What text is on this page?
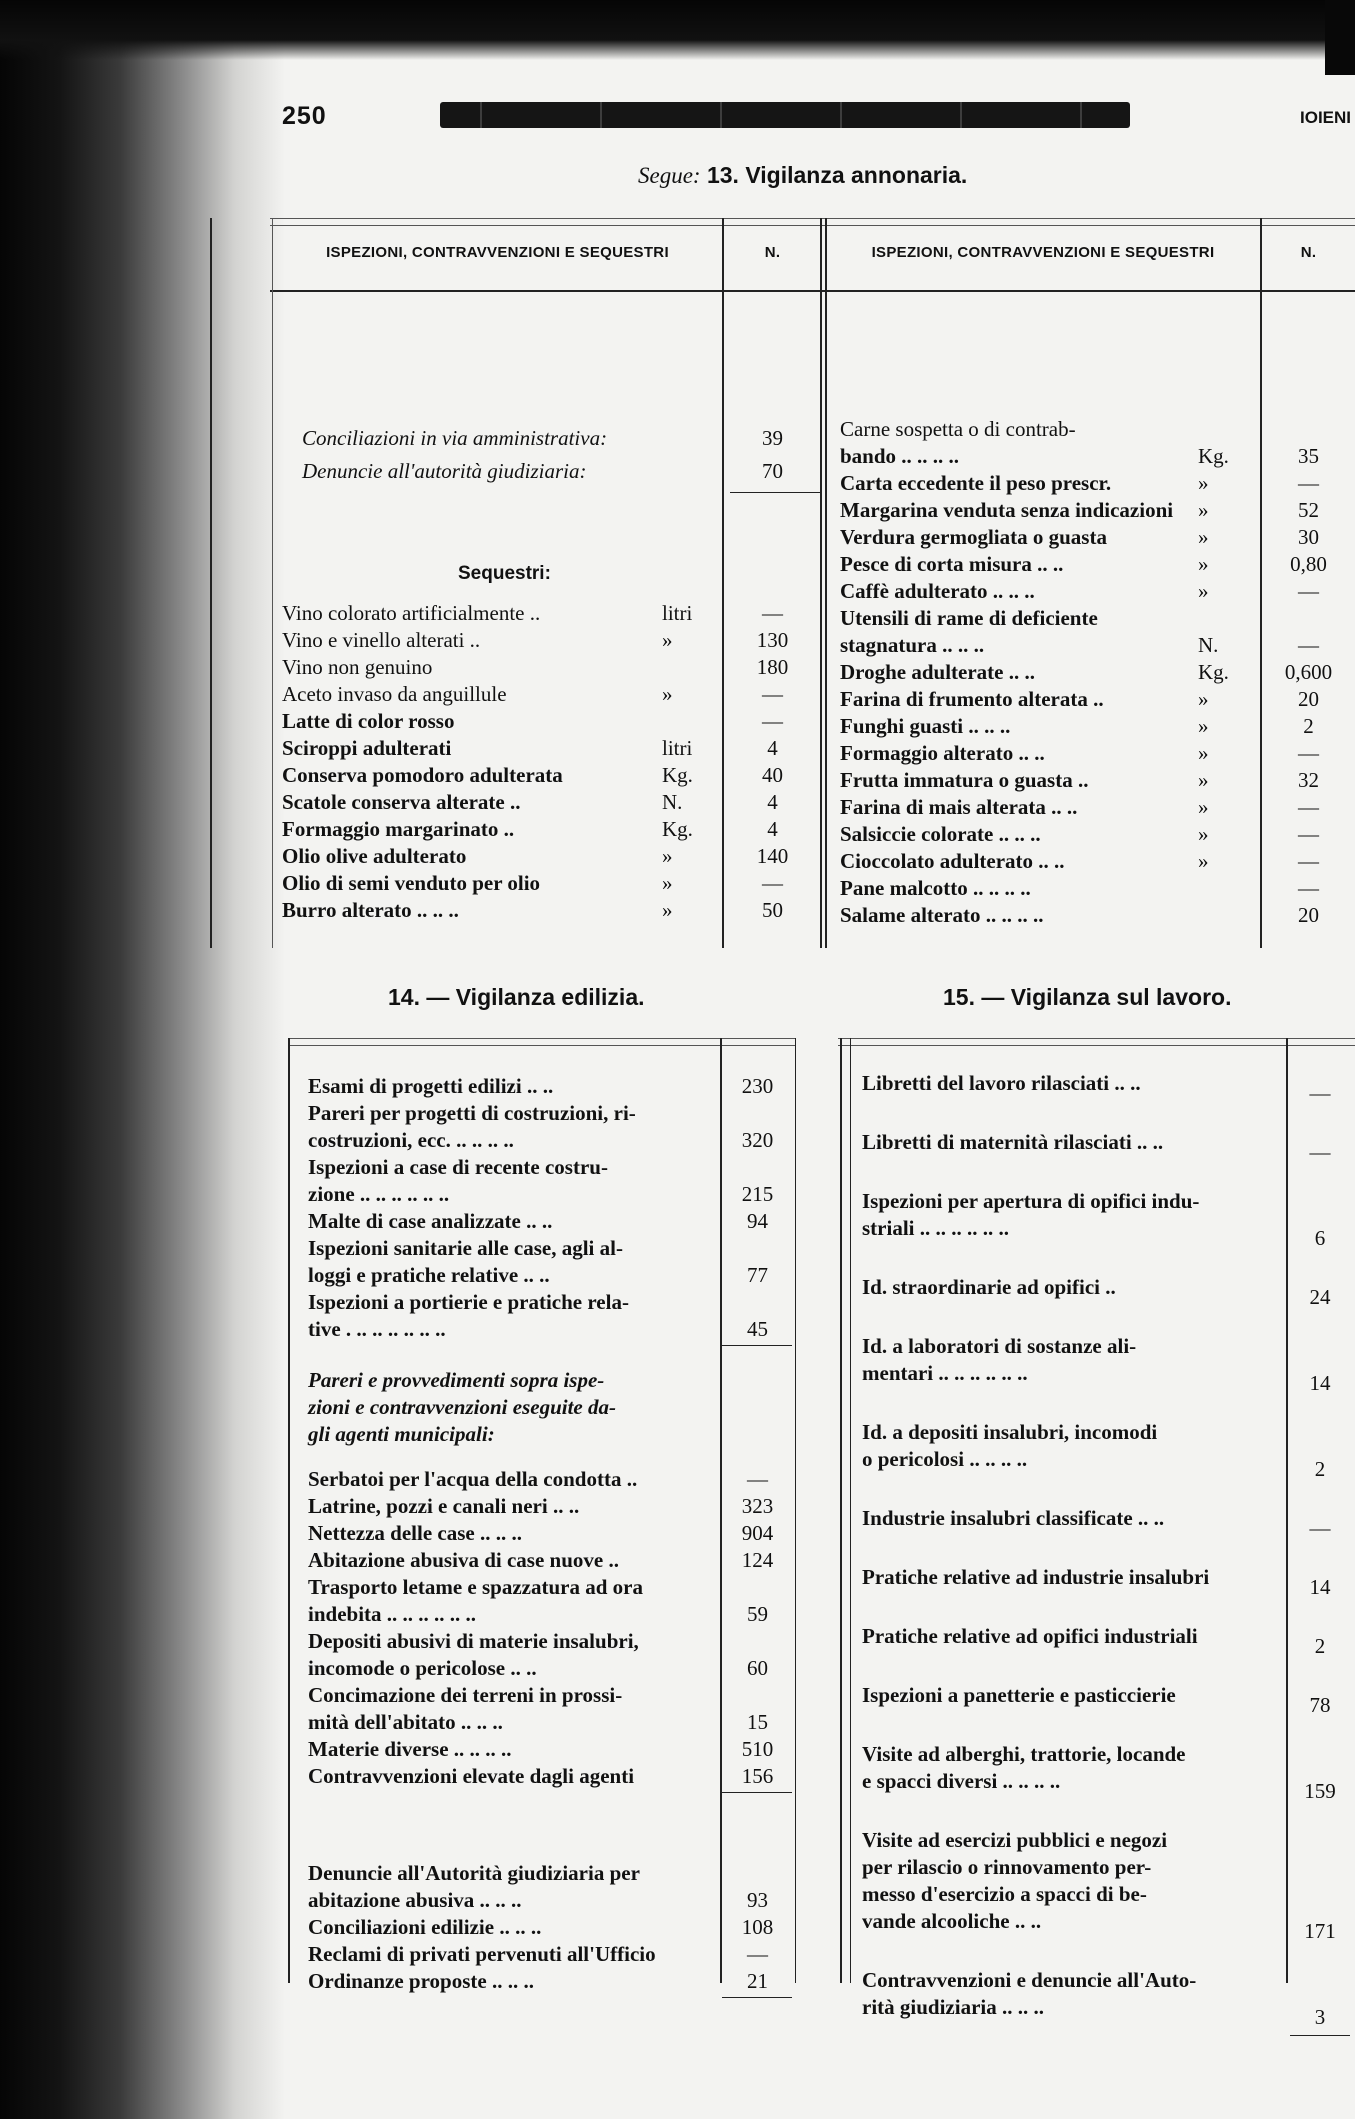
250	IOIENI
Segue: 13. Vigilanza annonaria.
ISPEZIONI, CONTRAVVENZIONI E SEQUESTRI	N.	ISPEZIONI, CONTRAVVENZIONI E SEQUESTRI	N.
Conciliazioni in via amministrativa:	39
Denuncie all'autorità giudiziaria:	70
Sequestri:
Vino colorato artificialmente ..	litri	—
Vino e vinello alterati ..	»	130
Vino non genuino	180
Aceto invaso da anguillule	»	—
Latte di color rosso	—
Sciroppi adulterati	litri	4
Conserva pomodoro adulterata	Kg.	40
Scatole conserva alterate ..	N.	4
Formaggio margarinato ..	Kg.	4
Olio olive adulterato	»	140
Olio di semi venduto per olio	»	—
Burro alterato .. .. ..	»	50
Carne sospetta o di contrab-
bando .. .. .. ..	Kg.	35
Carta eccedente il peso prescr.	»	—
Margarina venduta senza indicazioni »	52
Verdura germogliata o guasta	»	30
Pesce di corta misura .. ..	»	0,80
Caffè adulterato .. .. ..	»	—
Utensili di rame di deficiente
stagnatura .. .. ..	N.	—
Droghe adulterate .. ..	Kg.	0,600
Farina di frumento alterata ..	»	20
Funghi guasti .. .. ..	»	2
Formaggio alterato .. ..	»	—
Frutta immatura o guasta ..	»	32
Farina di mais alterata .. ..	»	—
Salsiccie colorate .. .. ..	»	—
Cioccolato adulterato .. ..	»	—
Pane malcotto .. .. .. ..	—
Salame alterato .. .. .. ..	20
14. — Vigilanza edilizia.	15. — Vigilanza sul lavoro.
Esami di progetti edilizi .. ..	230
Pareri per progetti di costruzioni, ri-
costruzioni, ecc. .. .. .. ..	320
Ispezioni a case di recente costru-
zione .. .. .. .. .. ..	215
Malte di case analizzate .. ..	94
Ispezioni sanitarie alle case, agli al-
loggi e pratiche relative .. ..	77
Ispezioni a portierie e pratiche rela-
tive . .. .. .. .. .. ..	45
Pareri e provvedimenti sopra ispe-
zioni e contravvenzioni eseguite da-
gli agenti municipali:
Serbatoi per l'acqua della condotta ..	—
Latrine, pozzi e canali neri .. ..	323
Nettezza delle case .. .. ..	904
Abitazione abusiva di case nuove ..	124
Trasporto letame e spazzatura ad ora
indebita .. .. .. .. .. ..	59
Depositi abusivi di materie insalubri,
incomode o pericolose .. ..	60
Concimazione dei terreni in prossi-
mità dell'abitato .. .. ..	15
Materie diverse .. .. .. ..	510
Contravvenzioni elevate dagli agenti	156
Denuncie all'Autorità giudiziaria per
abitazione abusiva .. .. ..	93
Conciliazioni edilizie .. .. ..	108
Reclami di privati pervenuti all'Ufficio	—
Ordinanze proposte .. .. ..	21
Libretti del lavoro rilasciati .. ..	—
Libretti di maternità rilasciati .. ..	—
Ispezioni per apertura di opifici indu-
striali .. .. .. .. .. ..	6
Id. straordinarie ad opifici ..	24
Id. a laboratori di sostanze ali-
mentari .. .. .. .. .. ..	14
Id. a depositi insalubri, incomodi
o pericolosi .. .. .. ..	2
Industrie insalubri classificate .. ..	—
Pratiche relative ad industrie insalubri	14
Pratiche relative ad opifici industriali	2
Ispezioni a panetterie e pasticcierie	78
Visite ad alberghi, trattorie, locande
e spacci diversi .. .. .. ..	159
Visite ad esercizi pubblici e negozi
per rilascio o rinnovamento per-
messo d'esercizio a spacci di be-
vande alcooliche .. ..	171
Contravvenzioni e denuncie all'Auto-
rità giudiziaria .. .. ..	3
